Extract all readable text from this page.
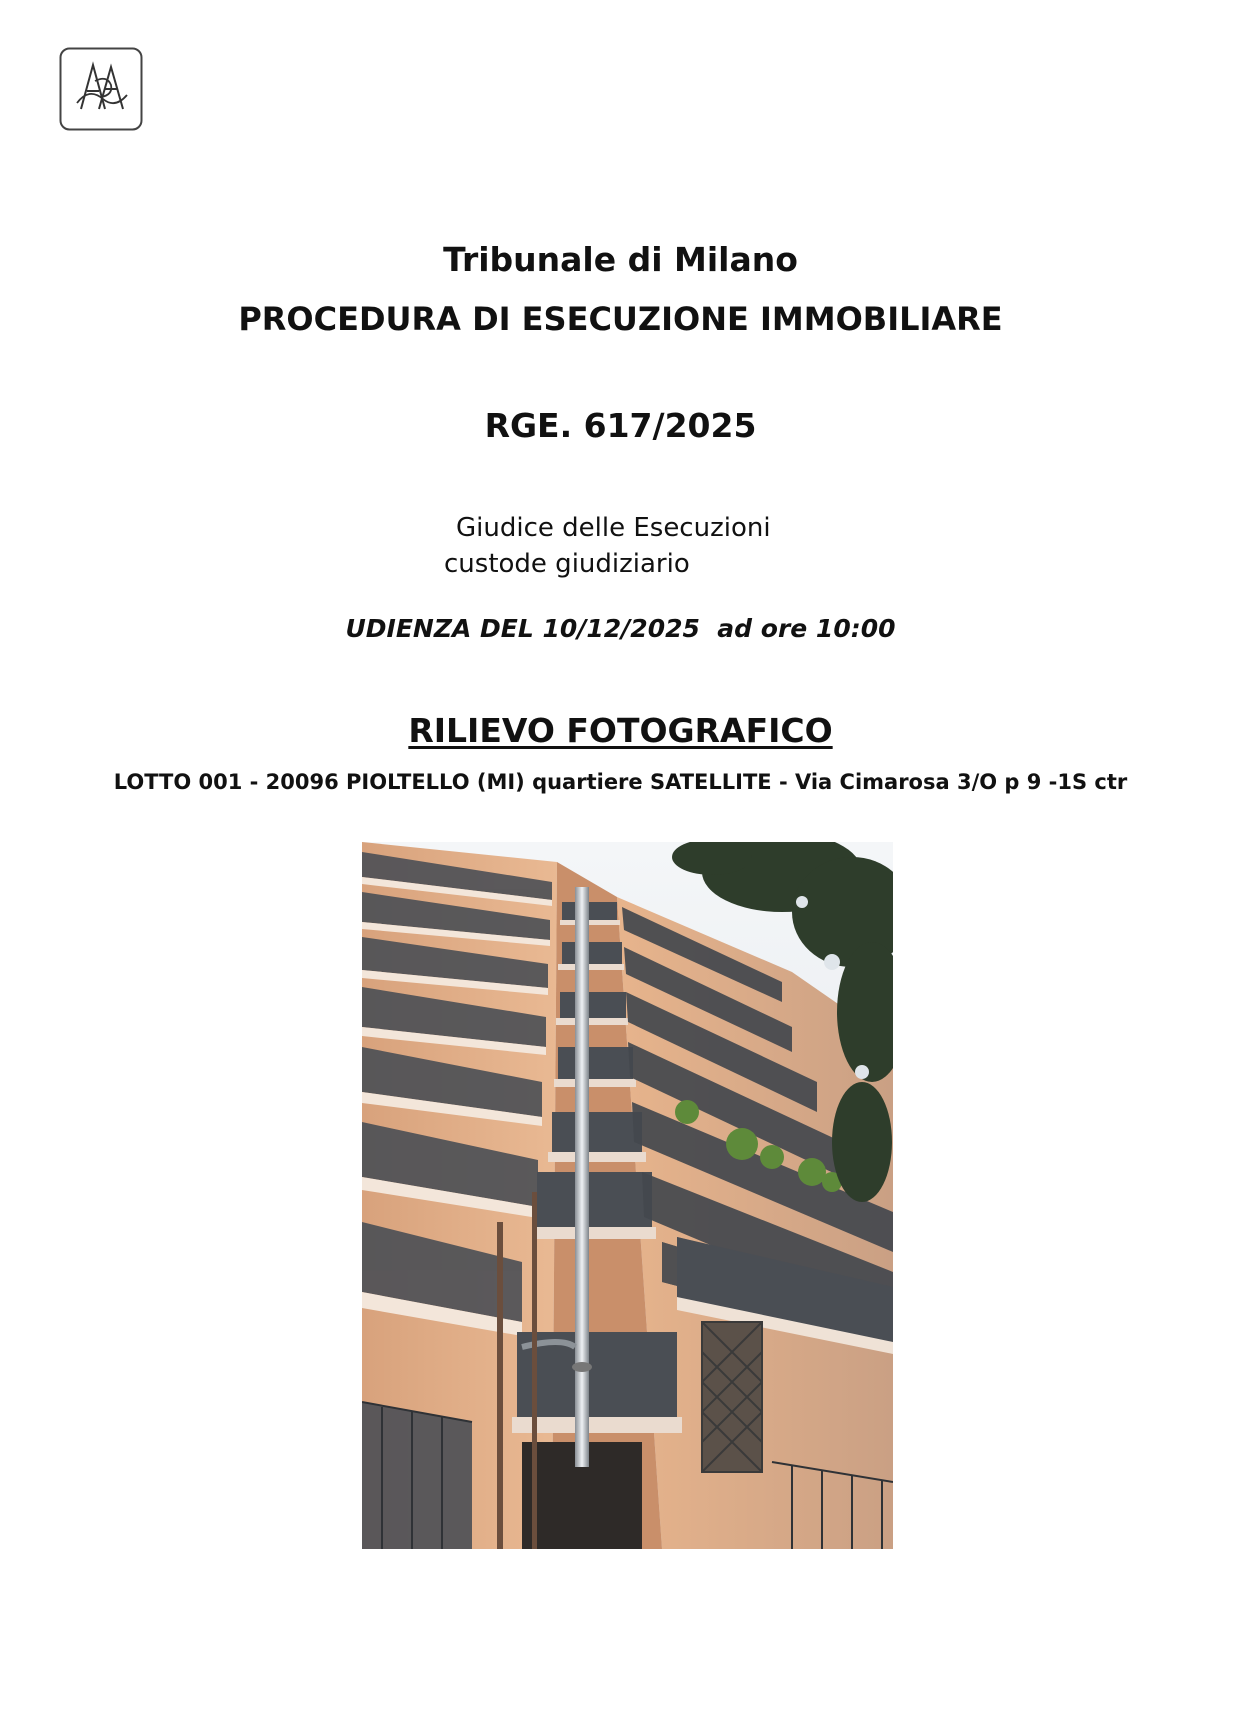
Tribunale di Milano
PROCEDURA DI ESECUZIONE IMMOBILIARE
RGE. 617/2025
Giudice delle Esecuzioni
custode giudiziario
UDIENZA DEL 10/12/2025  ad ore 10:00
RILIEVO FOTOGRAFICO
LOTTO 001 - 20096 PIOLTELLO (MI) quartiere SATELLITE - Via Cimarosa 3/O p 9 -1S ctr
